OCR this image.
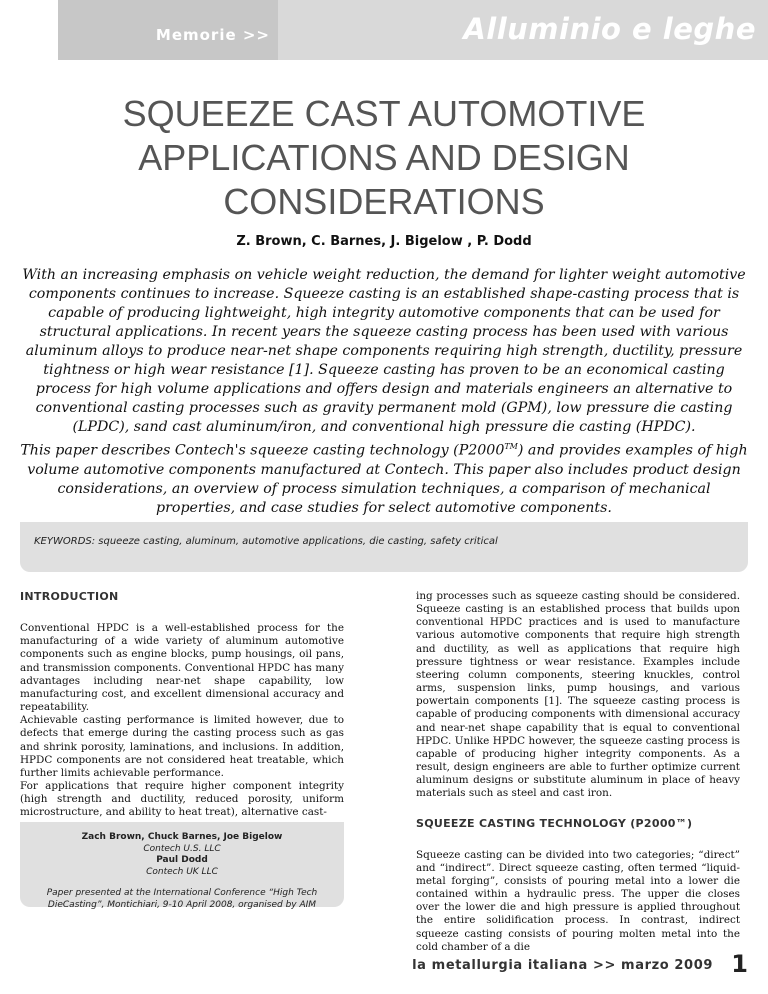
Memorie >>	Alluminio e leghe
SQUEEZE CAST AUTOMOTIVE
APPLICATIONS AND DESIGN
CONSIDERATIONS
Z. Brown, C. Barnes, J. Bigelow , P. Dodd

With an increasing emphasis on vehicle weight reduction, the demand for lighter weight automotive components continues to increase. Squeeze casting is an established shape-casting process that is capable of producing lightweight, high integrity automotive components that can be used for structural applications. In recent years the squeeze casting process has been used with various aluminum alloys to produce near-net shape components requiring high strength, ductility, pressure tightness or high wear resistance [1]. Squeeze casting has proven to be an economical casting process for high volume applications and offers design and materials engineers an alternative to conventional casting processes such as gravity permanent mold (GPM), low pressure die casting (LPDC), sand cast aluminum/iron, and conventional high pressure die casting (HPDC).

This paper describes Contech's squeeze casting technology (P2000™) and provides examples of high volume automotive components manufactured at Contech. This paper also includes product design considerations, an overview of process simulation techniques, a comparison of mechanical properties, and case studies for select automotive components.

KEYWORDS: squeeze casting, aluminum, automotive applications, die casting, safety critical

INTRODUCTION

Conventional HPDC is a well-established process for the manufacturing of a wide variety of aluminum automotive components such as engine blocks, pump housings, oil pans, and transmission components. Conventional HPDC has many advantages including near-net shape capability, low manufacturing cost, and excellent dimensional accuracy and repeatability.

Achievable casting performance is limited however, due to defects that emerge during the casting process such as gas and shrink porosity, laminations, and inclusions. In addition, HPDC components are not considered heat treatable, which further limits achievable performance.

For applications that require higher component integrity (high strength and ductility, reduced porosity, uniform microstructure, and ability to heat treat), alternative cast-

Zach Brown, Chuck Barnes, Joe Bigelow
Contech U.S. LLC
Paul Dodd
Contech UK LLC
Paper presented at the International Conference “High Tech DieCasting”, Montichiari, 9-10 April 2008, organised by AIM

ing processes such as squeeze casting should be considered. Squeeze casting is an established process that builds upon conventional HPDC practices and is used to manufacture various automotive components that require high strength and ductility, as well as applications that require high pressure tightness or wear resistance. Examples include steering column components, steering knuckles, control arms, suspension links, pump housings, and various powertain components [1]. The squeeze casting process is capable of producing components with dimensional accuracy and near-net shape capability that is equal to conventional HPDC. Unlike HPDC however, the squeeze casting process is capable of producing higher integrity components. As a result, design engineers are able to further optimize current aluminum designs or substitute aluminum in place of heavy materials such as steel and cast iron.

SQUEEZE CASTING TECHNOLOGY (P2000™)

Squeeze casting can be divided into two categories; “direct” and “indirect”. Direct squeeze casting, often termed “liquid-metal forging”, consists of pouring metal into a lower die contained within a hydraulic press. The upper die closes over the lower die and high pressure is applied throughout the entire solidification process. In contrast, indirect squeeze casting consists of pouring molten metal into the cold chamber of a die

la metallurgia italiana >> marzo 2009 1
